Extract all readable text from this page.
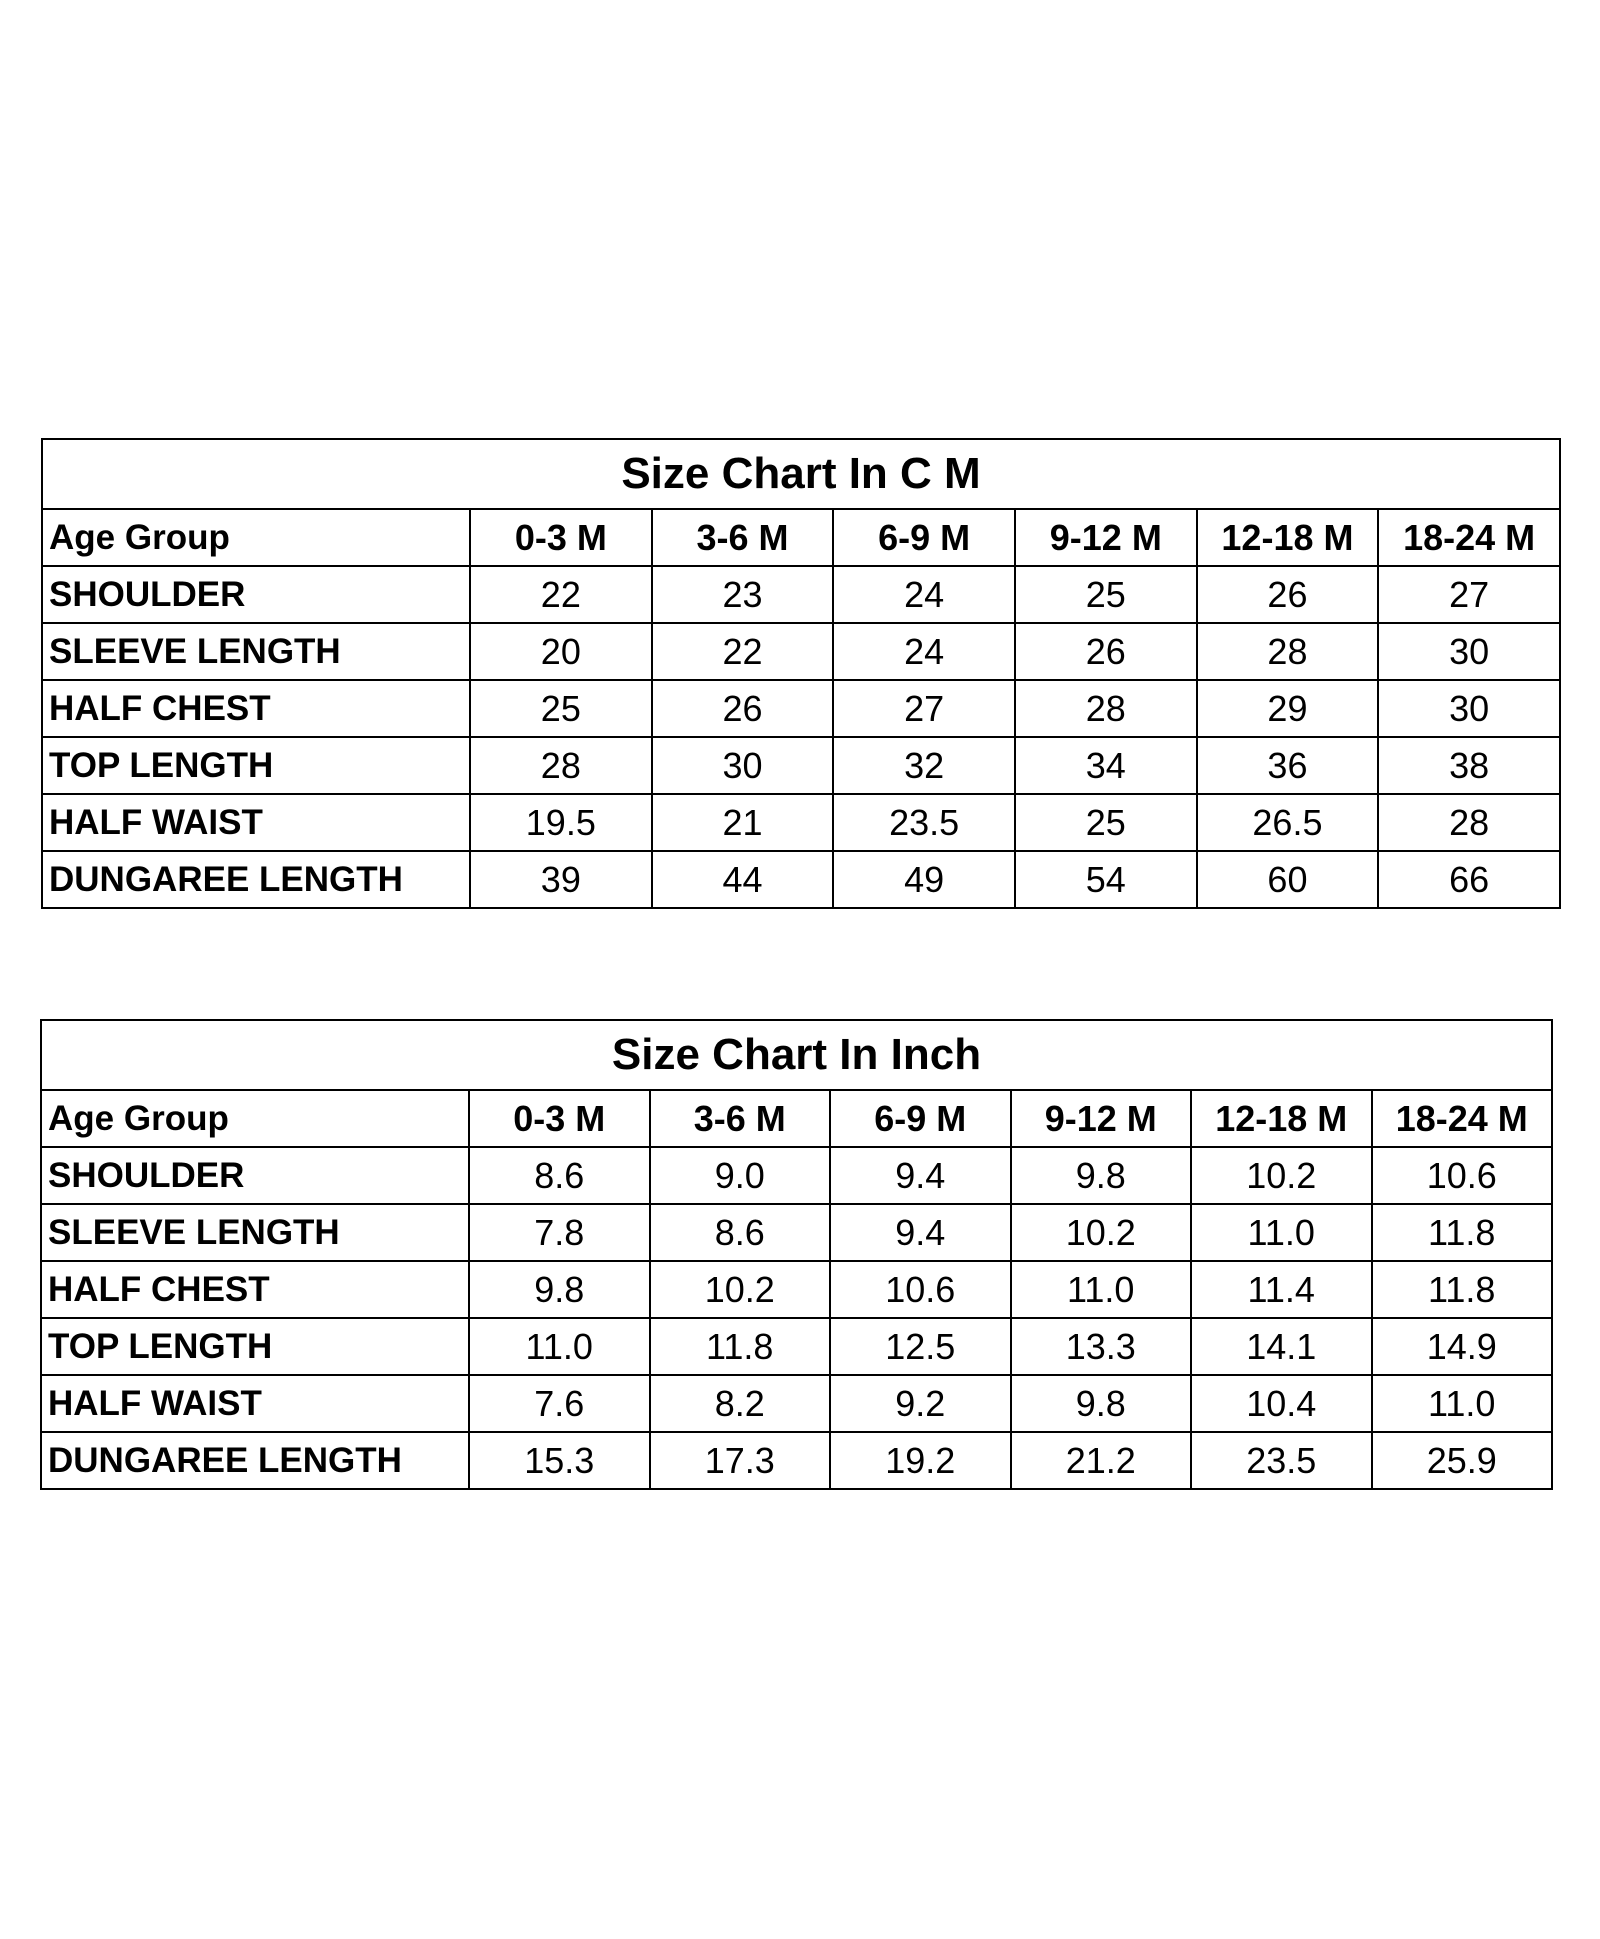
Size Chart In C M						
Age Group	0-3 M	3-6 M	6-9 M	9-12 M	12-18 M	18-24 M
SHOULDER	22	23	24	25	26	27
SLEEVE LENGTH	20	22	24	26	28	30
HALF CHEST	25	26	27	28	29	30
TOP LENGTH	28	30	32	34	36	38
HALF WAIST	19.5	21	23.5	25	26.5	28
DUNGAREE LENGTH	39	44	49	54	60	66
Size Chart In Inch						
Age Group	0-3 M	3-6 M	6-9 M	9-12 M	12-18 M	18-24 M
SHOULDER	8.6	9.0	9.4	9.8	10.2	10.6
SLEEVE LENGTH	7.8	8.6	9.4	10.2	11.0	11.8
HALF CHEST	9.8	10.2	10.6	11.0	11.4	11.8
TOP LENGTH	11.0	11.8	12.5	13.3	14.1	14.9
HALF WAIST	7.6	8.2	9.2	9.8	10.4	11.0
DUNGAREE LENGTH	15.3	17.3	19.2	21.2	23.5	25.9
